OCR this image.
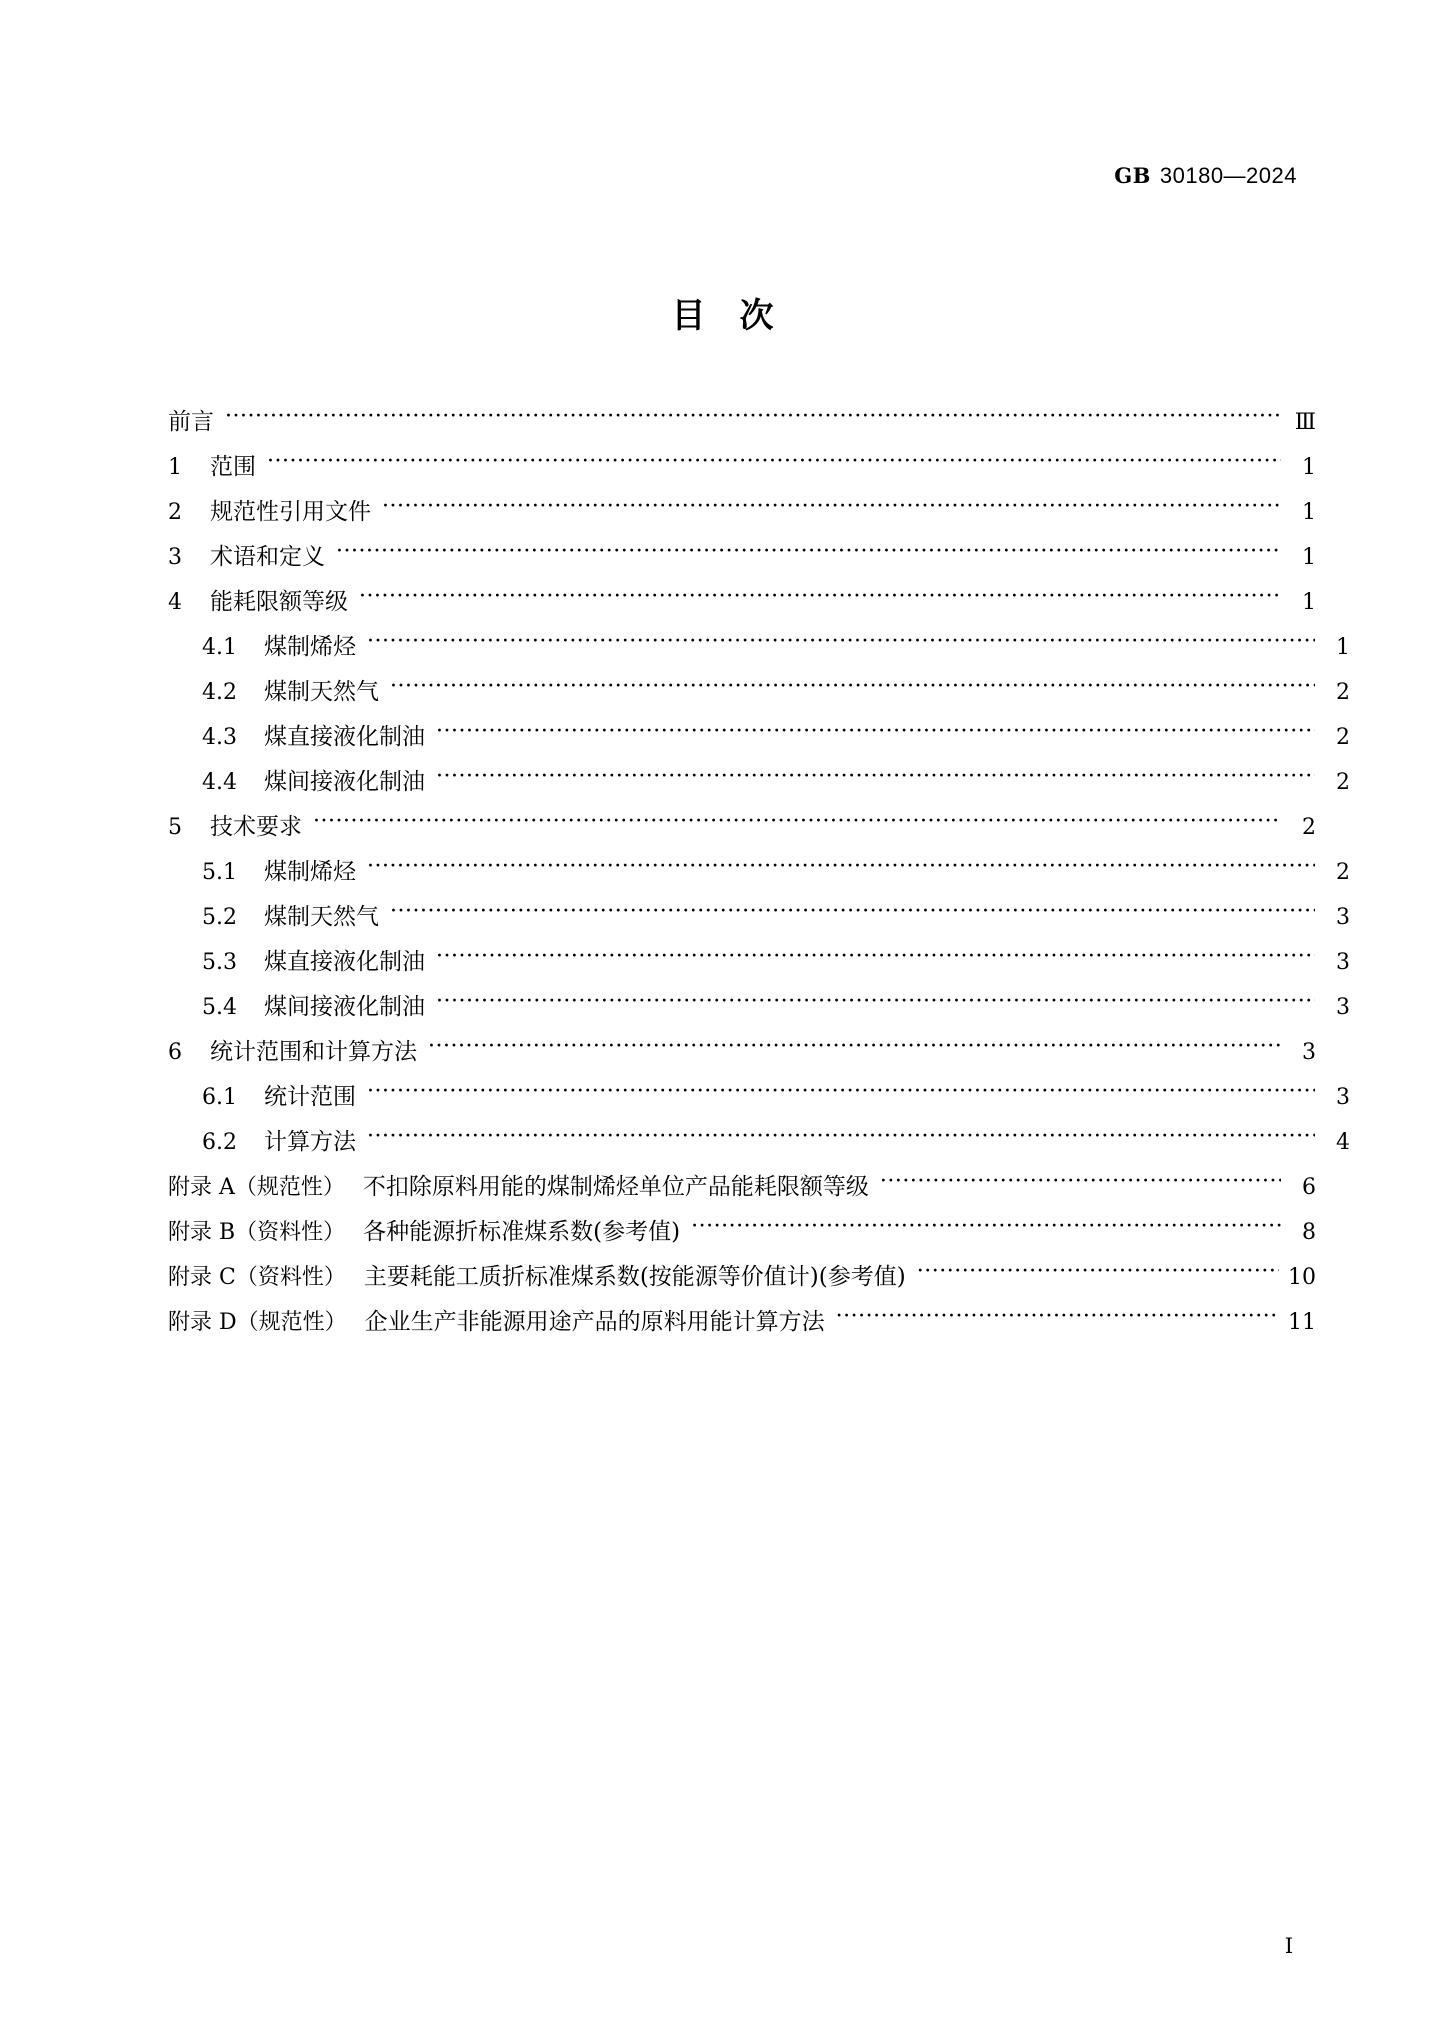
GB 30180—2024
目次
前言 ·····	Ⅲ
1	范围 ·····	1
2	规范性引用文件 ·····	1
3	术语和定义 ·····	1
4	能耗限额等级 ·····	1
4.1	煤制烯烃 ·····	1
4.2	煤制天然气 ·····	2
4.3	煤直接液化制油 ·····	2
4.4	煤间接液化制油 ·····	2
5	技术要求 ·····	2
5.1	煤制烯烃 ·····	2
5.2	煤制天然气 ·····	3
5.3	煤直接液化制油 ·····	3
5.4	煤间接液化制油 ·····	3
6	统计范围和计算方法 ·····	3
6.1	统计范围 ·····	3
6.2	计算方法 ·····	4
附录 A（规范性） 不扣除原料用能的煤制烯烃单位产品能耗限额等级 ·····	6
附录 B（资料性） 各种能源折标准煤系数(参考值) ·····	8
附录 C（资料性） 主要耗能工质折标准煤系数(按能源等价值计)(参考值) ·····	10
附录 D（规范性） 企业生产非能源用途产品的原料用能计算方法 ·····	11
Ⅰ
